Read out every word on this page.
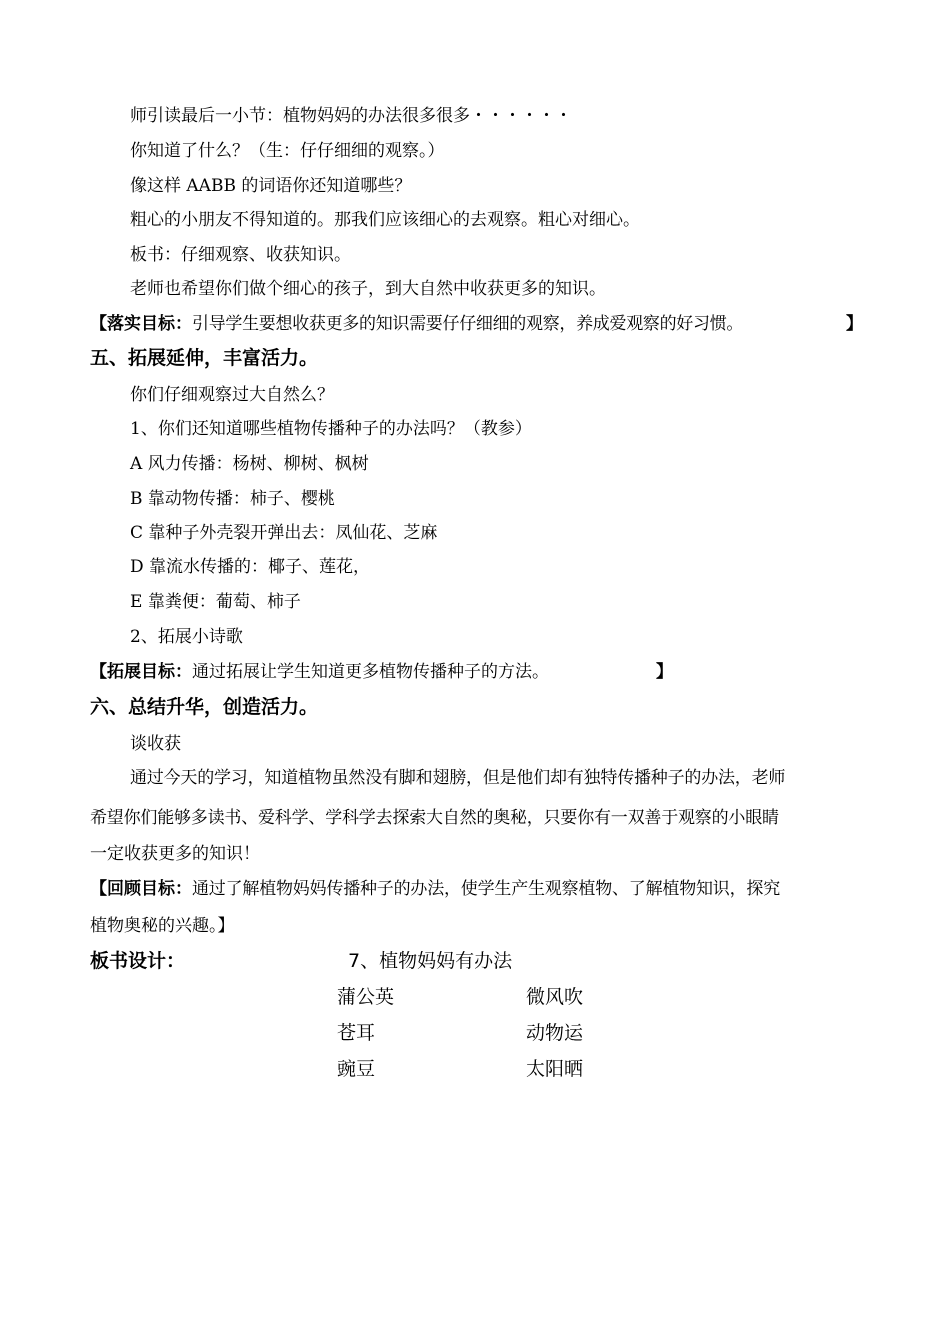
师引读最后一小节：植物妈妈的办法很多很多・・・・・・
你知道了什么？（生：仔仔细细的观察。）
像这样 AABB 的词语你还知道哪些？
粗心的小朋友不得知道的。那我们应该细心的去观察。粗心对细心。
板书：仔细观察、收获知识。
老师也希望你们做个细心的孩子，到大自然中收获更多的知识。
【落实目标：引导学生要想收获更多的知识需要仔仔细细的观察，养成爱观察的好习惯。	】
五、拓展延伸，丰富活力。
你们仔细观察过大自然么？
1、你们还知道哪些植物传播种子的办法吗？（教参）
A 风力传播：杨树、柳树、枫树
B 靠动物传播：柿子、樱桃
C 靠种子外壳裂开弹出去：凤仙花、芝麻
D 靠流水传播的：椰子、莲花，
E 靠粪便：葡萄、柿子
2、拓展小诗歌
【拓展目标：通过拓展让学生知道更多植物传播种子的方法。	】
六、总结升华，创造活力。
谈收获
通过今天的学习，知道植物虽然没有脚和翅膀，但是他们却有独特传播种子的办法，老师
希望你们能够多读书、爱科学、学科学去探索大自然的奥秘，只要你有一双善于观察的小眼睛
一定收获更多的知识！
【回顾目标：通过了解植物妈妈传播种子的办法，使学生产生观察植物、了解植物知识，探究
植物奥秘的兴趣。】
板书设计：	7、植物妈妈有办法
蒲公英	微风吹
苍耳	动物运
豌豆	太阳晒
